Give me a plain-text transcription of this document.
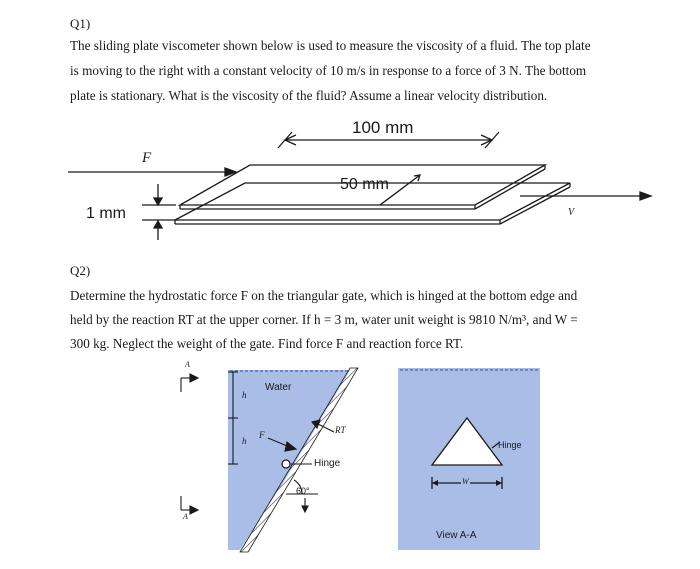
Q1)
The sliding plate viscometer shown below is used to measure the viscosity of a fluid. The top plate
is moving to the right with a constant velocity of 10 m/s in response to a force of 3 N. The bottom
plate is stationary. What is the viscosity of the fluid? Assume a linear velocity distribution.
100 mm
50 mm
F
1 mm	V
Q2)
Determine the hydrostatic force F on the triangular gate, which is hinged at the bottom edge and
held by the reaction RT at the upper corner. If h = 3 m, water unit weight is 9810 N/m³, and W =
300 kg. Neglect the weight of the gate. Find force F and reaction force RT.
A
A
Water
h
h
F	RT
Hinge
60°
Hinge
W
View A-A
